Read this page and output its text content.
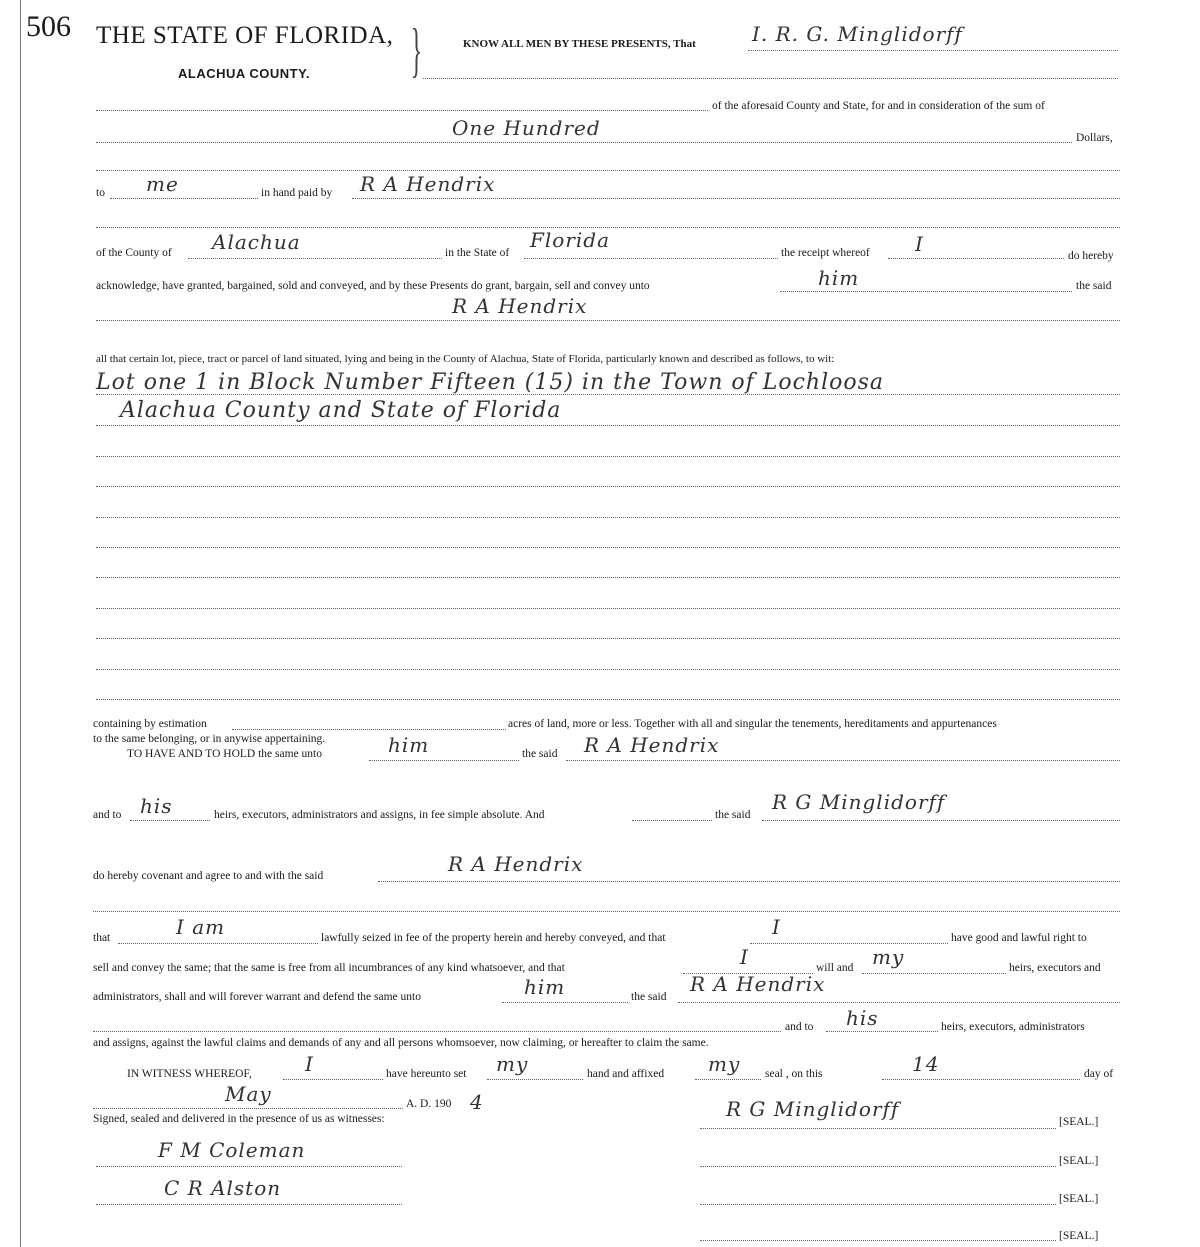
506 THE STATE OF FLORIDA,
ALACHUA COUNTY. }	KNOW ALL MEN BY THESE PRESENTS, That	I. R. G. Minglidorff
of the aforesaid County and State, for and in consideration of the sum of
One Hundred	Dollars,
to me	in hand paid by R A Hendrix
of the County of Alachua	in the State of
Florida
the receipt whereof I	do hereby
acknowledge, have granted, bargained, sold and conveyed, and by these Presents do grant, bargain, sell and convey unto	him	the said
R A Hendrix
all that certain lot, piece, tract or parcel of land situated, lying and being in the County of Alachua, State of Florida, particularly known and described as follows, to wit:
Lot one 1 in Block Number Fifteen (15) in the Town of Lochloosa
Alachua County and State of Florida
containing by estimation	acres of land, more or less. Together with all and singular the tenements, hereditaments and appurtenances
to the same belonging, or in anywise appertaining.
TO HAVE AND TO HOLD the same unto	him	the said R A Hendrix
and to his	heirs, executors, administrators and assigns, in fee simple absolute. And	the said
R G Minglidorff
do hereby covenant and agree to and with the said	R A Hendrix
that	I am	lawfully seized in fee of the property herein and hereby conveyed, and that	I	have good and lawful right to
sell and convey the same; that the same is free from all incumbrances of any kind whatsoever, and that	I	will and my	heirs, executors and
administrators, shall and will forever warrant and defend the same unto	him	the said
R A Hendrix
and to his	heirs, executors, administrators
and assigns, against the lawful claims and demands of any and all persons whomsoever, now claiming, or hereafter to claim the same.
IN WITNESS WHEREOF,	I	have hereunto set my	hand and affixed my seal , on this	14	day of
May	A. D. 190 4
Signed, sealed and delivered in the presence of us as witnesses:	R G Minglidorff
[SEAL.]
F M Coleman	[SEAL.]
C R Alston	[SEAL.]
[SEAL.]
